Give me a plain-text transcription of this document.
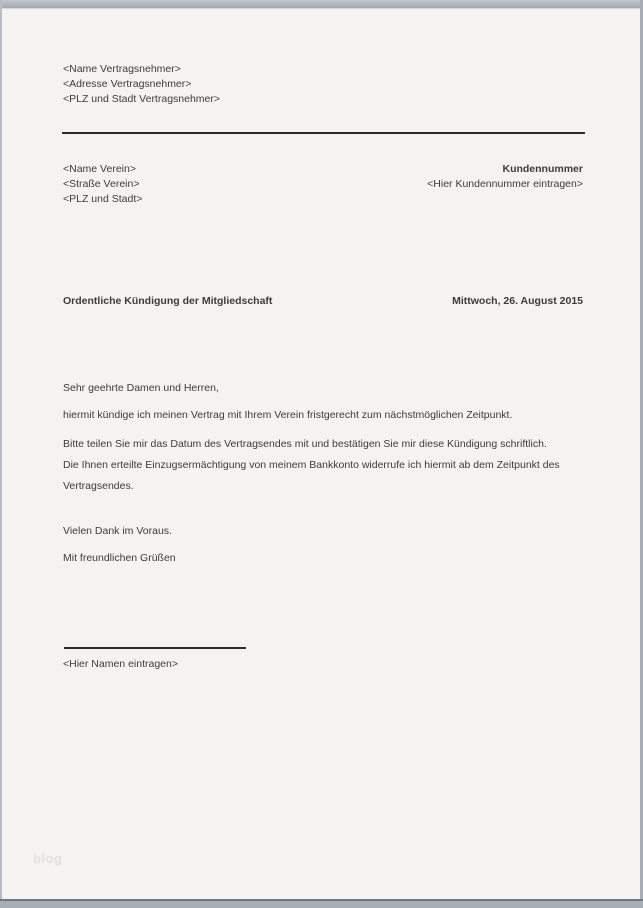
<Name Vertragsnehmer>
<Adresse Vertragsnehmer>
<PLZ und Stadt Vertragsnehmer>
<Name Verein>
<Straße Verein>
<PLZ und Stadt>
Kundennummer
<Hier Kundennummer eintragen>
Ordentliche Kündigung der Mitgliedschaft	Mittwoch, 26. August 2015
Sehr geehrte Damen und Herren,
hiermit kündige ich meinen Vertrag mit Ihrem Verein fristgerecht zum nächstmöglichen Zeitpunkt.
Bitte teilen Sie mir das Datum des Vertragsendes mit und bestätigen Sie mir diese Kündigung schriftlich.
Die Ihnen erteilte Einzugsermächtigung von meinem Bankkonto widerrufe ich hiermit ab dem Zeitpunkt des
Vertragsendes.
Vielen Dank im Voraus.
Mit freundlichen Grüßen
<Hier Namen eintragen>
blog
